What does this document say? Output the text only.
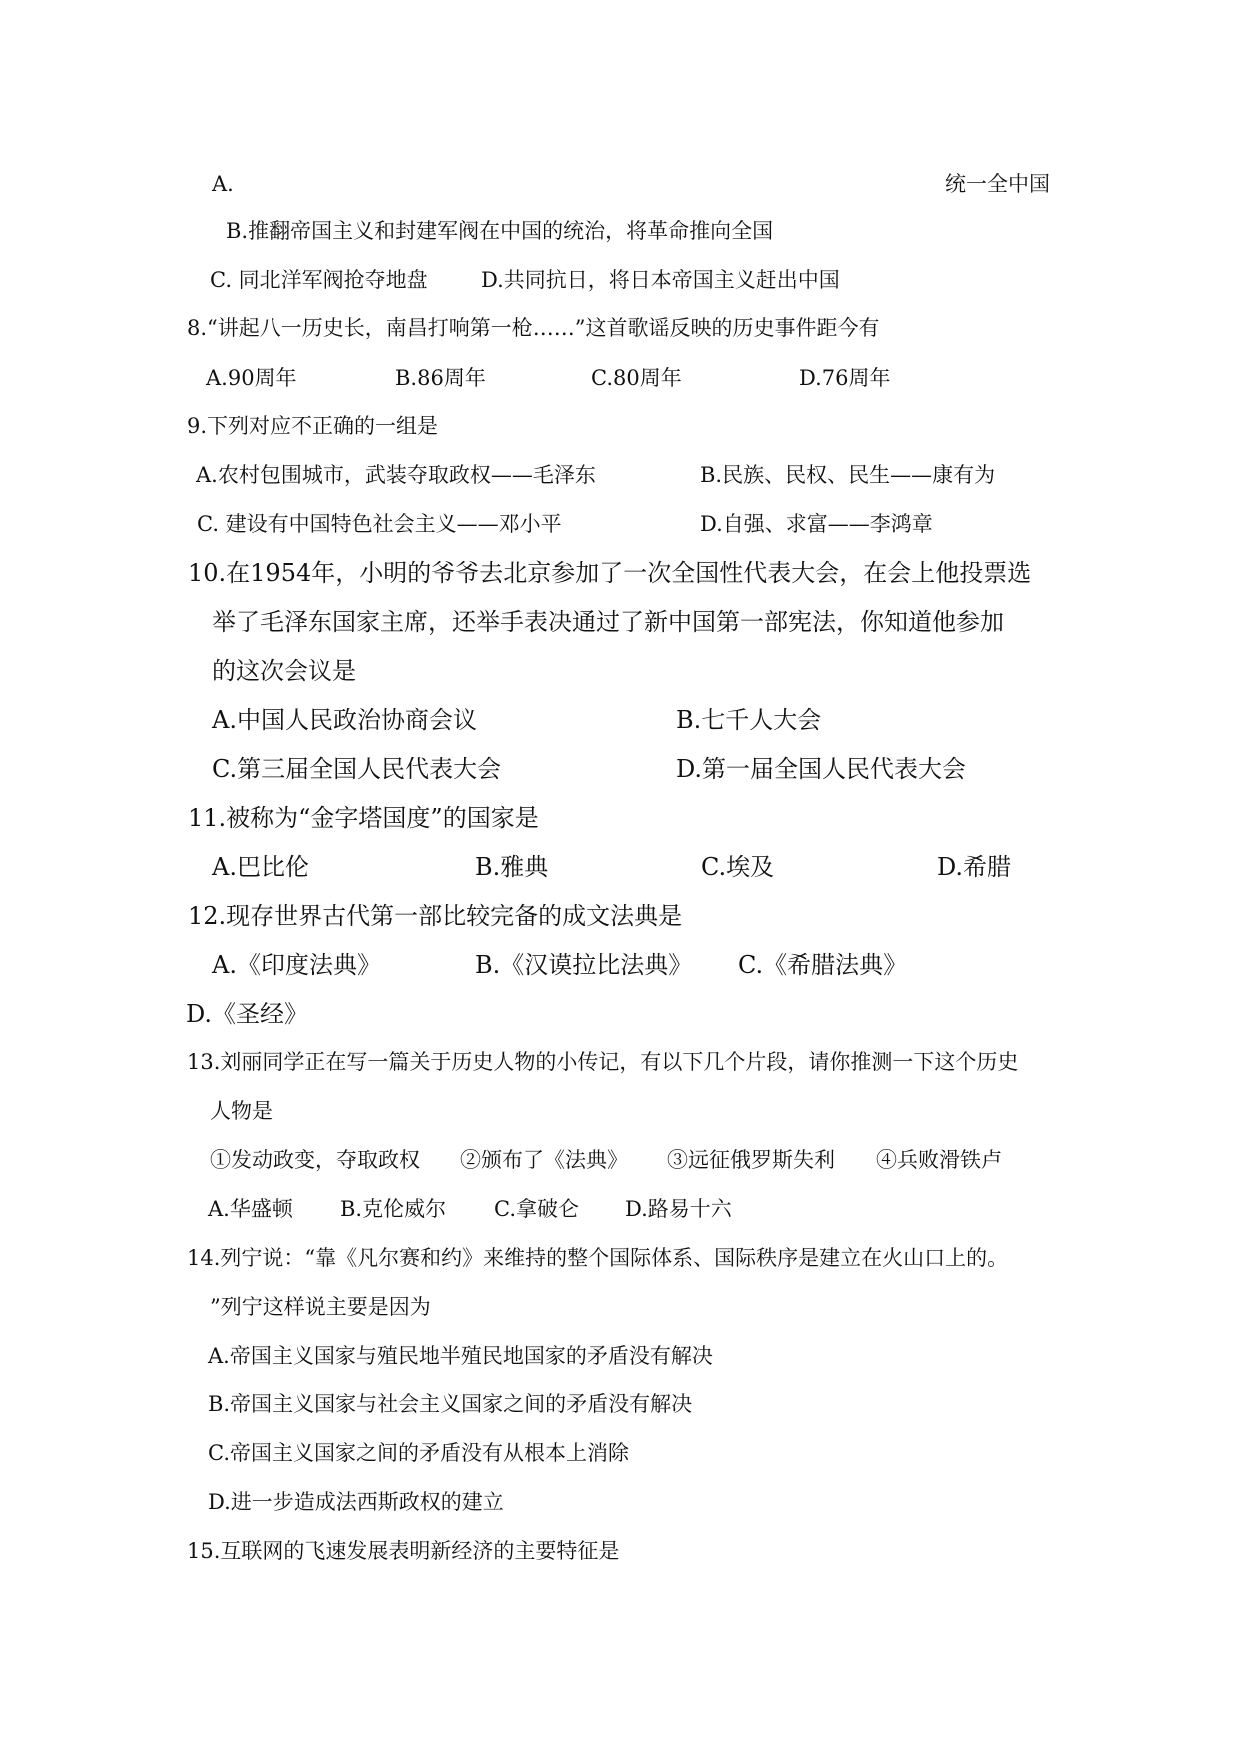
A.	统一全中国
B.推翻帝国主义和封建军阀在中国的统治，将革命推向全国
C. 同北洋军阀抢夺地盘	D.共同抗日，将日本帝国主义赶出中国
8.“讲起八一历史长，南昌打响第一枪……”这首歌谣反映的历史事件距今有
A.90周年	B.86周年	C.80周年	D.76周年
9.下列对应不正确的一组是
A.农村包围城市，武装夺取政权——毛泽东	B.民族、民权、民生——康有为
C. 建设有中国特色社会主义——邓小平	D.自强、求富——李鸿章
10.在1954年，小明的爷爷去北京参加了一次全国性代表大会，在会上他投票选
举了毛泽东国家主席，还举手表决通过了新中国第一部宪法，你知道他参加
的这次会议是
A.中国人民政治协商会议	B.七千人大会
C.第三届全国人民代表大会	D.第一届全国人民代表大会
11.被称为“金字塔国度”的国家是
A.巴比伦	B.雅典	C.埃及	D.希腊
12.现存世界古代第一部比较完备的成文法典是
A.《印度法典》	B.《汉谟拉比法典》 C.《希腊法典》
D.《圣经》
13.刘丽同学正在写一篇关于历史人物的小传记，有以下几个片段，请你推测一下这个历史
人物是
①发动政变，夺取政权 ②颁布了《法典》 ③远征俄罗斯失利 ④兵败滑铁卢
A.华盛顿 B.克伦威尔 C.拿破仑 D.路易十六
14.列宁说：“靠《凡尔赛和约》来维持的整个国际体系、国际秩序是建立在火山口上的。
”列宁这样说主要是因为
A.帝国主义国家与殖民地半殖民地国家的矛盾没有解决
B.帝国主义国家与社会主义国家之间的矛盾没有解决
C.帝国主义国家之间的矛盾没有从根本上消除
D.进一步造成法西斯政权的建立
15.互联网的飞速发展表明新经济的主要特征是
